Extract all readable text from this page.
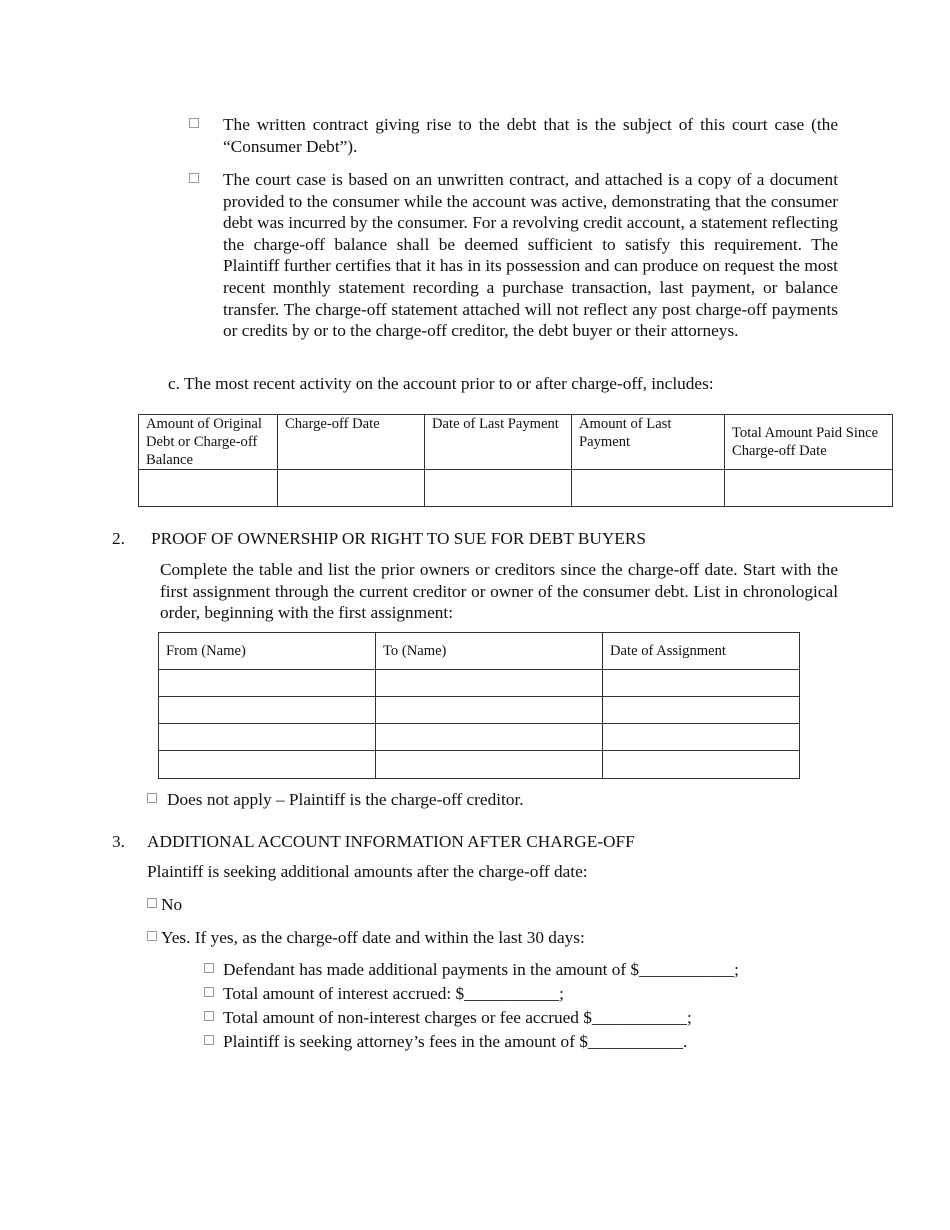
The written contract giving rise to the debt that is the subject of this court case (the “Consumer Debt”).
The court case is based on an unwritten contract, and attached is a copy of a document provided to the consumer while the account was active, demonstrating that the consumer debt was incurred by the consumer. For a revolving credit account, a statement reflecting the charge-off balance shall be deemed sufficient to satisfy this requirement. The Plaintiff further certifies that it has in its possession and can produce on request the most recent monthly statement recording a purchase transaction, last payment, or balance transfer. The charge-off statement attached will not reflect any post charge-off payments or credits by or to the charge-off creditor, the debt buyer or their attorneys.
c. The most recent activity on the account prior to or after charge-off, includes:
Amount of Original Debt or Charge-off Balance	Charge-off Date	Date of Last Payment	Amount of Last Payment	Total Amount Paid Since Charge-off Date

2. PROOF OF OWNERSHIP OR RIGHT TO SUE FOR DEBT BUYERS
Complete the table and list the prior owners or creditors since the charge-off date. Start with the first assignment through the current creditor or owner of the consumer debt. List in chronological order, beginning with the first assignment:
From (Name)	To (Name)	Date of Assignment

Does not apply – Plaintiff is the charge-off creditor.
3. ADDITIONAL ACCOUNT INFORMATION AFTER CHARGE-OFF
Plaintiff is seeking additional amounts after the charge-off date:
No
Yes. If yes, as the charge-off date and within the last 30 days:
Defendant has made additional payments in the amount of $___________;
Total amount of interest accrued: $___________;
Total amount of non-interest charges or fee accrued $___________;
Plaintiff is seeking attorney’s fees in the amount of $___________.
